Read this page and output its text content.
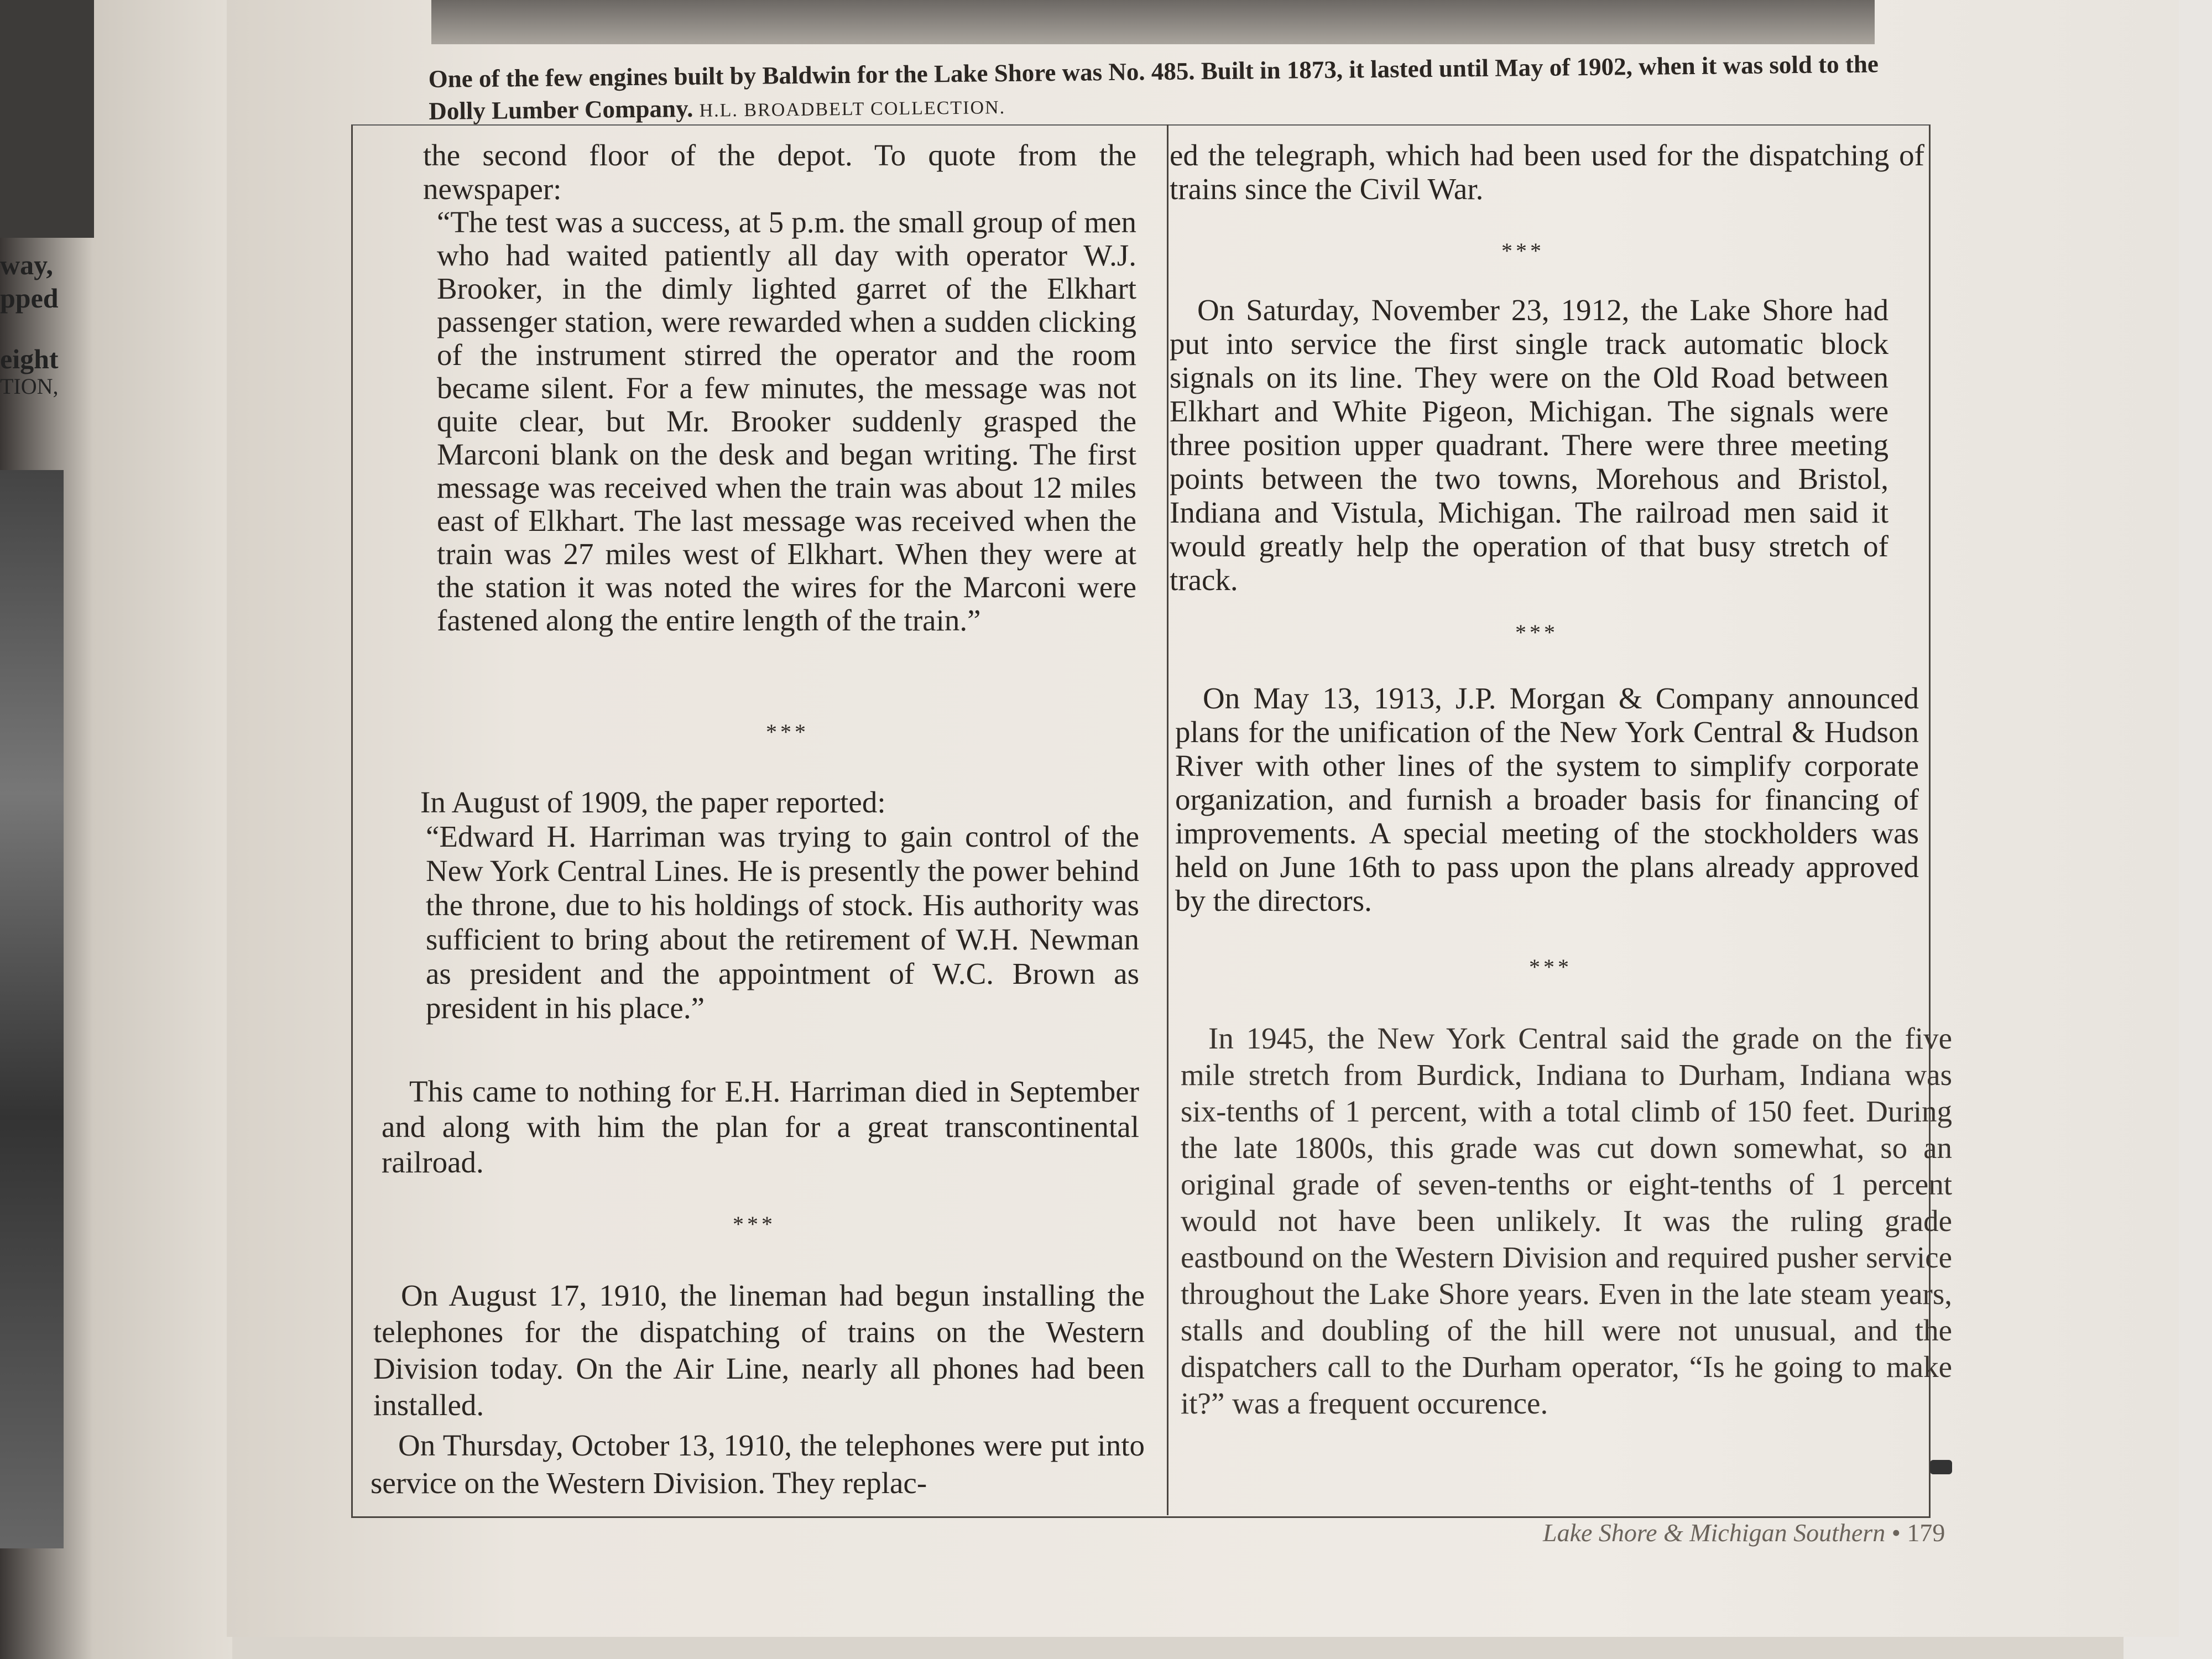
way,
pped
eight
TION,
One of the few engines built by Baldwin for the Lake Shore was No. 485. Built in 1873, it lasted until May of 1902, when it was sold to the Dolly Lumber Company. H.L. BROADBELT COLLECTION.

the second floor of the depot. To quote from the newspaper:

“The test was a success, at 5 p.m. the small group of men who had waited patiently all day with operator W.J. Brooker, in the dimly lighted garret of the Elkhart passenger station, were rewarded when a sudden clicking of the instrument stirred the operator and the room became silent. For a few minutes, the message was not quite clear, but Mr. Brooker suddenly grasped the Marconi blank on the desk and began writing. The first message was received when the train was about 12 miles east of Elkhart. The last message was received when the train was 27 miles west of Elkhart. When they were at the station it was noted the wires for the Marconi were fastened along the entire length of the train.”

***

In August of 1909, the paper reported:

“Edward H. Harriman was trying to gain control of the New York Central Lines. He is presently the power behind the throne, due to his holdings of stock. His authority was sufficient to bring about the retirement of W.H. Newman as president and the appointment of W.C. Brown as president in his place.”

This came to nothing for E.H. Harriman died in September and along with him the plan for a great transcontinental railroad.

***

On August 17, 1910, the lineman had begun installing the telephones for the dispatching of trains on the Western Division today. On the Air Line, nearly all phones had been installed.

On Thursday, October 13, 1910, the telephones were put into service on the Western Division. They replac-

ed the telegraph, which had been used for the dispatching of trains since the Civil War.

***

On Saturday, November 23, 1912, the Lake Shore had put into service the first single track automatic block signals on its line. They were on the Old Road between Elkhart and White Pigeon, Michigan. The signals were three position upper quadrant. There were three meeting points between the two towns, Morehous and Bristol, Indiana and Vistula, Michigan. The railroad men said it would greatly help the operation of that busy stretch of track.

***

On May 13, 1913, J.P. Morgan & Company announced plans for the unification of the New York Central & Hudson River with other lines of the system to simplify corporate organization, and furnish a broader basis for financing of improvements. A special meeting of the stockholders was held on June 16th to pass upon the plans already approved by the directors.

***

In 1945, the New York Central said the grade on the five mile stretch from Burdick, Indiana to Durham, Indiana was six-tenths of 1 percent, with a total climb of 150 feet. During the late 1800s, this grade was cut down somewhat, so an original grade of seven-tenths or eight-tenths of 1 percent would not have been unlikely. It was the ruling grade eastbound on the Western Division and required pusher service throughout the Lake Shore years. Even in the late steam years, stalls and doubling of the hill were not unusual, and the dispatchers call to the Durham operator, “Is he going to make it?” was a frequent occurence.

Lake Shore & Michigan Southern • 179
